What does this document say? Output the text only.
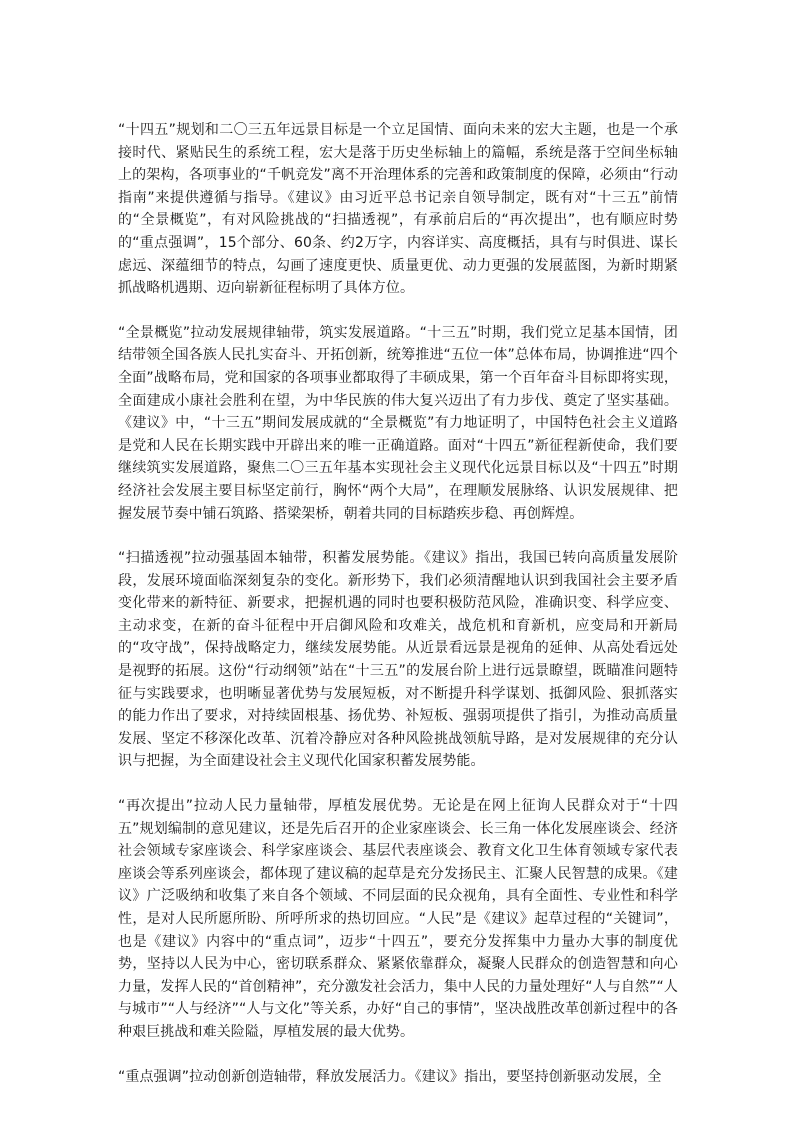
“十四五”规划和二〇三五年远景目标是一个立足国情、面向未来的宏大主题，也是一个承接时代、紧贴民生的系统工程，宏大是落于历史坐标轴上的篇幅，系统是落于空间坐标轴上的架构，各项事业的“千帆竞发”离不开治理体系的完善和政策制度的保障，必须由“行动指南”来提供遵循与指导。《建议》由习近平总书记亲自领导制定，既有对“十三五”前情的“全景概览”，有对风险挑战的“扫描透视”，有承前启后的“再次提出”，也有顺应时势的“重点强调”，15个部分、60条、约2万字，内容详实、高度概括，具有与时俱进、谋长虑远、深蕴细节的特点，勾画了速度更快、质量更优、动力更强的发展蓝图，为新时期紧抓战略机遇期、迈向崭新征程标明了具体方位。

“全景概览”拉动发展规律轴带，筑实发展道路。“十三五”时期，我们党立足基本国情，团结带领全国各族人民扎实奋斗、开拓创新，统筹推进“五位一体”总体布局，协调推进“四个全面”战略布局，党和国家的各项事业都取得了丰硕成果，第一个百年奋斗目标即将实现，全面建成小康社会胜利在望，为中华民族的伟大复兴迈出了有力步伐、奠定了坚实基础。《建议》中，“十三五”期间发展成就的“全景概览”有力地证明了，中国特色社会主义道路是党和人民在长期实践中开辟出来的唯一正确道路。面对“十四五”新征程新使命，我们要继续筑实发展道路，聚焦二〇三五年基本实现社会主义现代化远景目标以及“十四五”时期经济社会发展主要目标坚定前行，胸怀“两个大局”，在理顺发展脉络、认识发展规律、把握发展节奏中铺石筑路、搭梁架桥，朝着共同的目标踏疾步稳、再创辉煌。

“扫描透视”拉动强基固本轴带，积蓄发展势能。《建议》指出，我国已转向高质量发展阶段，发展环境面临深刻复杂的变化。新形势下，我们必须清醒地认识到我国社会主要矛盾变化带来的新特征、新要求，把握机遇的同时也要积极防范风险，准确识变、科学应变、主动求变，在新的奋斗征程中开启御风险和攻难关，战危机和育新机，应变局和开新局的“攻守战”，保持战略定力，继续发展势能。从近景看远景是视角的延伸、从高处看远处是视野的拓展。这份“行动纲领”站在“十三五”的发展台阶上进行远景瞭望，既瞄准问题特征与实践要求，也明晰显著优势与发展短板，对不断提升科学谋划、抵御风险、狠抓落实的能力作出了要求，对持续固根基、扬优势、补短板、强弱项提供了指引，为推动高质量发展、坚定不移深化改革、沉着冷静应对各种风险挑战领航导路，是对发展规律的充分认识与把握，为全面建设社会主义现代化国家积蓄发展势能。

“再次提出”拉动人民力量轴带，厚植发展优势。无论是在网上征询人民群众对于“十四五”规划编制的意见建议，还是先后召开的企业家座谈会、长三角一体化发展座谈会、经济社会领域专家座谈会、科学家座谈会、基层代表座谈会、教育文化卫生体育领域专家代表座谈会等系列座谈会，都体现了建议稿的起草是充分发扬民主、汇聚人民智慧的成果。《建议》广泛吸纳和收集了来自各个领域、不同层面的民众视角，具有全面性、专业性和科学性，是对人民所愿所盼、所呼所求的热切回应。“人民”是《建议》起草过程的“关键词”，也是《建议》内容中的“重点词”，迈步“十四五”，要充分发挥集中力量办大事的制度优势，坚持以人民为中心，密切联系群众、紧紧依靠群众，凝聚人民群众的创造智慧和向心力量，发挥人民的“首创精神”，充分激发社会活力，集中人民的力量处理好“人与自然”“人与城市”“人与经济”“人与文化”等关系，办好“自己的事情”，坚决战胜改革创新过程中的各种艰巨挑战和难关险隘，厚植发展的最大优势。

“重点强调”拉动创新创造轴带，释放发展活力。《建议》指出，要坚持创新驱动发展，全
